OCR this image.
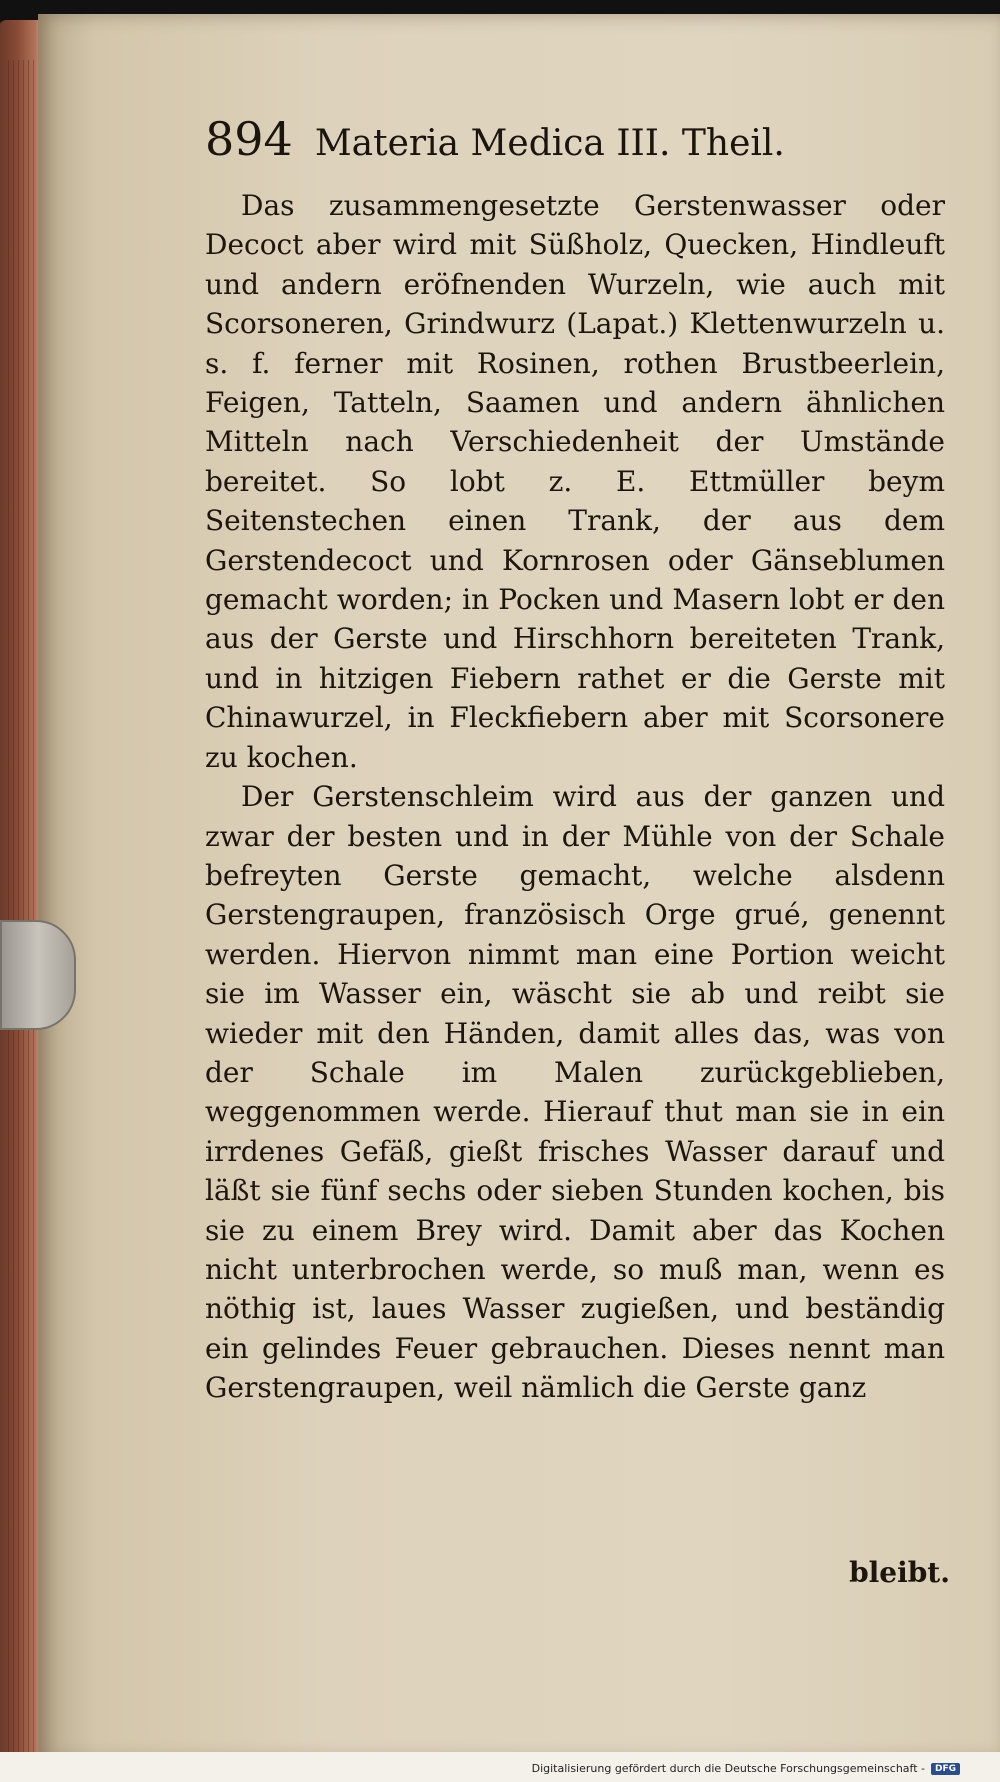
894 Materia Medica III. Theil.

Das zusammengesetzte Gerstenwasser oder Decoct aber wird mit Süßholz, Quecken, Hindleuft und andern eröfnenden Wurzeln, wie auch mit Scorsoneren, Grindwurz (Lapat.) Klettenwurzeln u. s. f. ferner mit Rosinen, rothen Brustbeerlein, Feigen, Tatteln, Saamen und andern ähnlichen Mitteln nach Verschiedenheit der Umstände bereitet. So lobt z. E. Ettmüller beym Seitenstechen einen Trank, der aus dem Gerstendecoct und Kornrosen oder Gänseblumen gemacht worden; in Pocken und Masern lobt er den aus der Gerste und Hirschhorn bereiteten Trank, und in hitzigen Fiebern rathet er die Gerste mit Chinawurzel, in Fleckfiebern aber mit Scorsonere zu kochen.

Der Gerstenschleim wird aus der ganzen und zwar der besten und in der Mühle von der Schale befreyten Gerste gemacht, welche alsdenn Gerstengraupen, französisch Orge grué, genennt werden. Hiervon nimmt man eine Portion weicht sie im Wasser ein, wäscht sie ab und reibt sie wieder mit den Händen, damit alles das, was von der Schale im Malen zurückgeblieben, weggenommen werde. Hierauf thut man sie in ein irrdenes Gefäß, gießt frisches Wasser darauf und läßt sie fünf sechs oder sieben Stunden kochen, bis sie zu einem Brey wird. Damit aber das Kochen nicht unterbrochen werde, so muß man, wenn es nöthig ist, laues Wasser zugießen, und beständig ein gelindes Feuer gebrauchen. Dieses nennt man Gerstengraupen, weil nämlich die Gerste ganz

bleibt.
Digitalisierung gefördert durch die Deutsche Forschungsgemeinschaft -	DFG
